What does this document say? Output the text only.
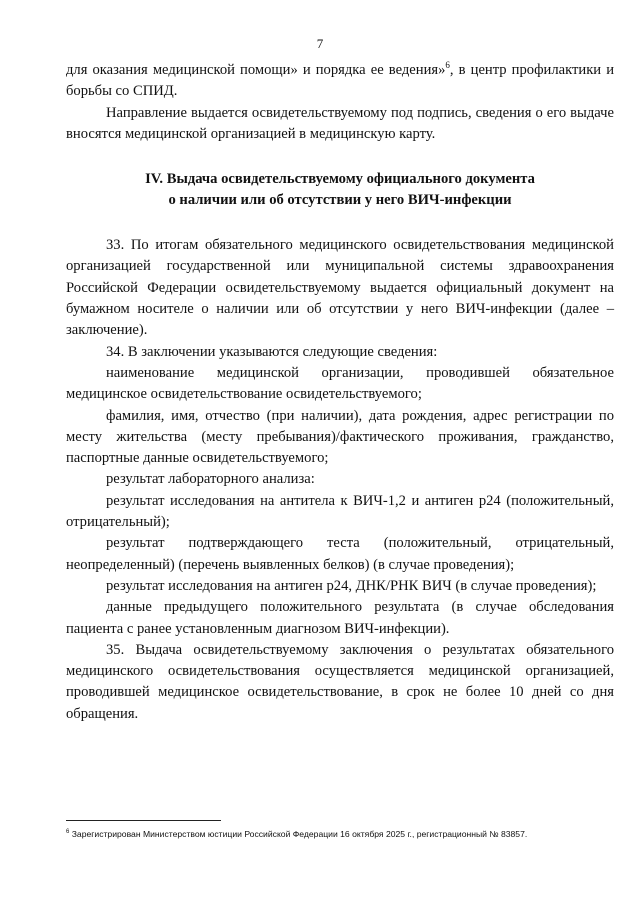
7

для оказания медицинской помощи» и порядка ее ведения»$^6$, в центр профилактики и борьбы со СПИД.

Направление выдается освидетельствуемому под подпись, сведения о его выдаче вносятся медицинской организацией в медицинскую карту.

IV. Выдача освидетельствуемому официального документа
о наличии или об отсутствии у него ВИЧ-инфекции

33. По итогам обязательного медицинского освидетельствования медицинской организацией государственной или муниципальной системы здравоохранения Российской Федерации освидетельствуемому выдается официальный документ на бумажном носителе о наличии или об отсутствии у него ВИЧ-инфекции (далее – заключение).

34. В заключении указываются следующие сведения:

наименование медицинской организации, проводившей обязательное медицинское освидетельствование освидетельствуемого;

фамилия, имя, отчество (при наличии), дата рождения, адрес регистрации по месту жительства (месту пребывания)/фактического проживания, гражданство, паспортные данные освидетельствуемого;

результат лабораторного анализа:

результат исследования на антитела к ВИЧ-1,2 и антиген р24 (положительный, отрицательный);

результат подтверждающего теста (положительный, отрицательный, неопределенный) (перечень выявленных белков) (в случае проведения);

результат исследования на антиген р24, ДНК/РНК ВИЧ (в случае проведения);

данные предыдущего положительного результата (в случае обследования пациента с ранее установленным диагнозом ВИЧ-инфекции).

35. Выдача освидетельствуемому заключения о результатах обязательного медицинского освидетельствования осуществляется медицинской организацией, проводившей медицинское освидетельствование, в срок не более 10 дней со дня обращения.

$^6$ Зарегистрирован Министерством юстиции Российской Федерации 16 октября 2025 г., регистрационный № 83857.
